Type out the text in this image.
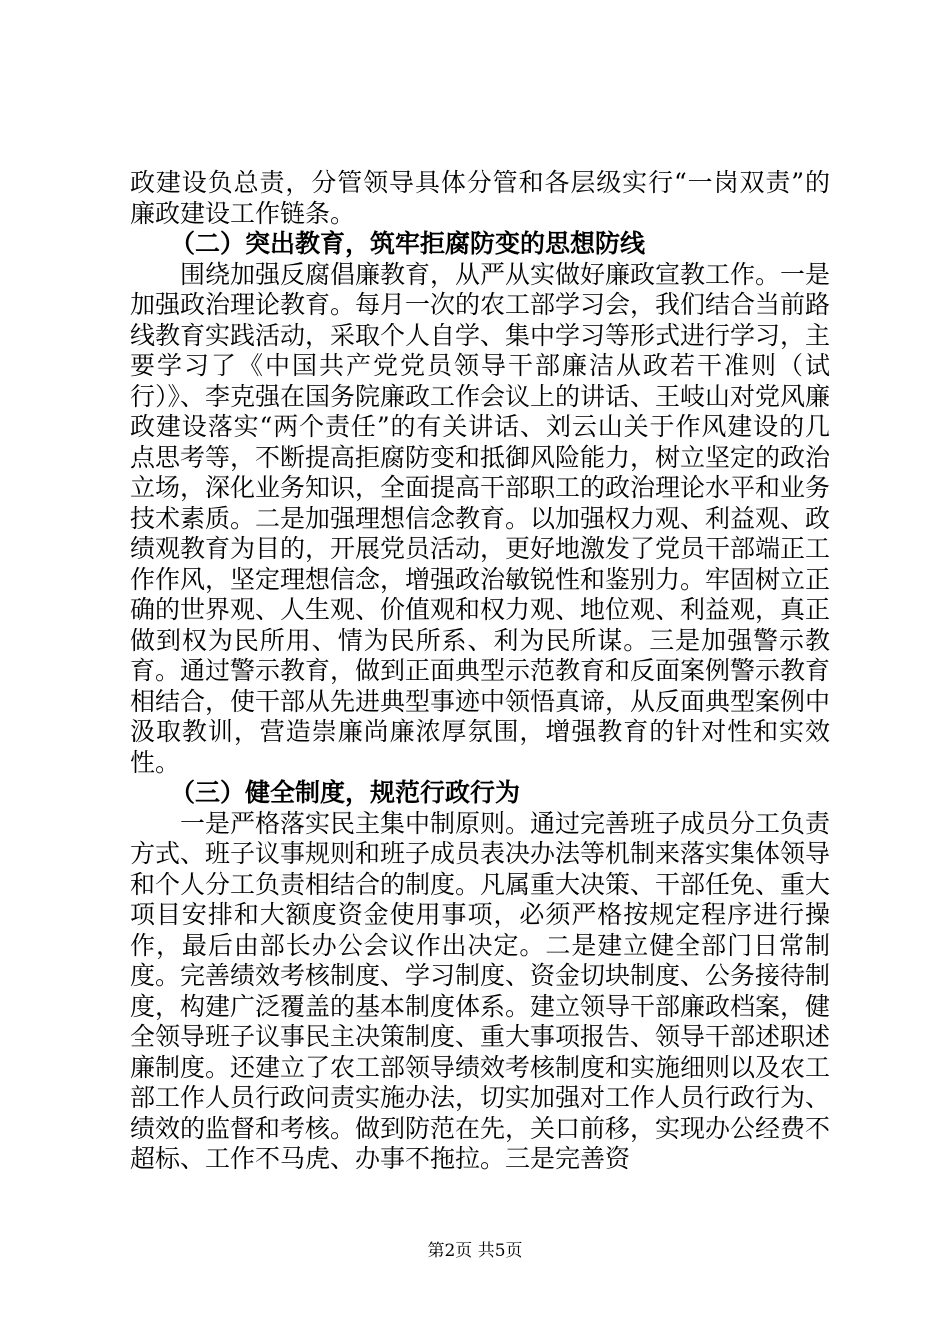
政建设负总责，分管领导具体分管和各层级实行“一岗双责”的廉政建设工作链条。

（二）突出教育，筑牢拒腐防变的思想防线

围绕加强反腐倡廉教育，从严从实做好廉政宣教工作。一是加强政治理论教育。每月一次的农工部学习会，我们结合当前路线教育实践活动，采取个人自学、集中学习等形式进行学习，主要学习了《中国共产党党员领导干部廉洁从政若干准则（试行）》、李克强在国务院廉政工作会议上的讲话、王岐山对党风廉政建设落实“两个责任”的有关讲话、刘云山关于作风建设的几点思考等，不断提高拒腐防变和抵御风险能力，树立坚定的政治立场，深化业务知识，全面提高干部职工的政治理论水平和业务技术素质。二是加强理想信念教育。以加强权力观、利益观、政绩观教育为目的，开展党员活动，更好地激发了党员干部端正工作作风，坚定理想信念，增强政治敏锐性和鉴别力。牢固树立正确的世界观、人生观、价值观和权力观、地位观、利益观，真正做到权为民所用、情为民所系、利为民所谋。三是加强警示教育。通过警示教育，做到正面典型示范教育和反面案例警示教育相结合，使干部从先进典型事迹中领悟真谛，从反面典型案例中汲取教训，营造崇廉尚廉浓厚氛围，增强教育的针对性和实效性。

（三）健全制度，规范行政行为

一是严格落实民主集中制原则。通过完善班子成员分工负责方式、班子议事规则和班子成员表决办法等机制来落实集体领导和个人分工负责相结合的制度。凡属重大决策、干部任免、重大项目安排和大额度资金使用事项，必须严格按规定程序进行操作，最后由部长办公会议作出决定。二是建立健全部门日常制度。完善绩效考核制度、学习制度、资金切块制度、公务接待制度，构建广泛覆盖的基本制度体系。建立领导干部廉政档案，健全领导班子议事民主决策制度、重大事项报告、领导干部述职述廉制度。还建立了农工部领导绩效考核制度和实施细则以及农工部工作人员行政问责实施办法，切实加强对工作人员行政行为、绩效的监督和考核。做到防范在先，关口前移，实现办公经费不超标、工作不马虎、办事不拖拉。三是完善资

第2页 共5页
